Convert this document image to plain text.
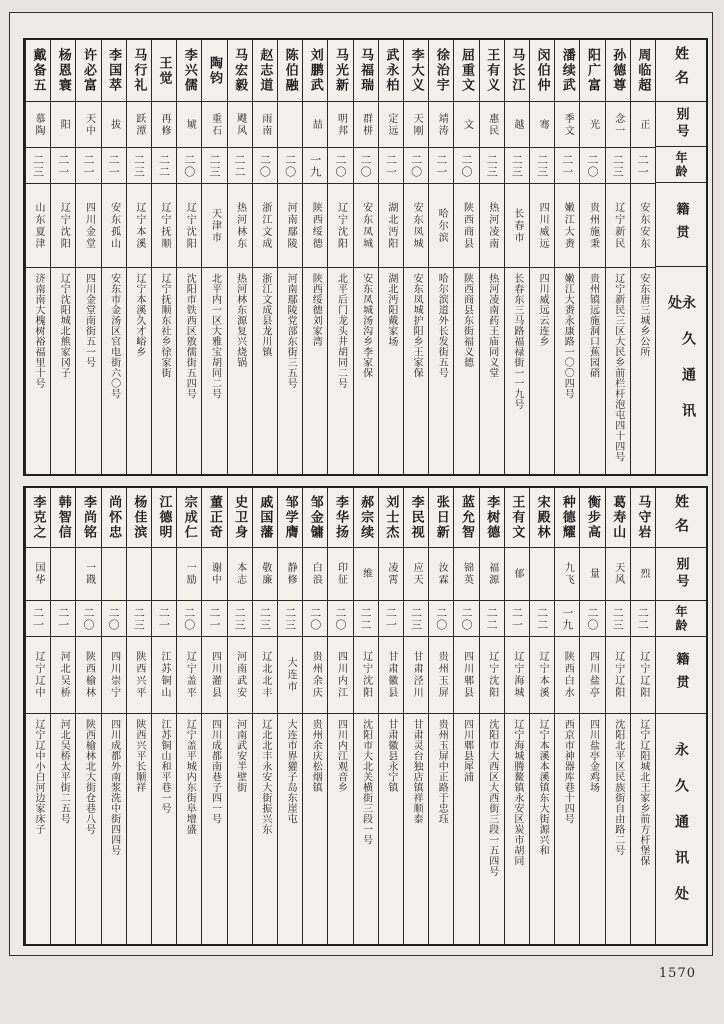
姓名
别号
年龄
籍贯
永久通讯处
周临超
正
二一
安东安东
安东唐三城乡公所
孙德尊
念一
二三
辽宁新民
辽宁新民三区大民乡前栏杆泡屯四十四号
阳广富
光
二〇
贵州施秉
贵州镇远施洞口蕉园硝
潘续武
季文
二一
嫩江大赉
嫩江大赉永康路一〇〇四号
闵伯仲
骞
二三
四川威远
四川威远云连乡
马长江
越
二三
长春市
长春东三马路福禄街一一九号
王有义
惠民
二三
热河凌南
热河凌南药王庙同义堂
屈重文
文
二〇
陕西商县
陕西商县东街福义德
徐治宇
靖涛
二一
哈尔滨
哈尔滨道外长发街五号
李大义
天刚
二〇
安东凤城
安东凤城护阳乡王家保
武永柏
定远
二一
湖北沔阳
湖北沔阳戴家场
马福瑞
群栟
二〇
安东凤城
安东凤城汤沟乡李家保
马光新
明邦
二〇
辽宁沈阳
北平后门龙头井胡同二号
刘鹏武
喆
一九
陕西绥德
陕西绥德刘家湾
陈伯融
二〇
河南鄢陵
河南鄢陵党部东街三五号
赵志道
雨南
二〇
浙江文成
浙江文成县龙川镇
马宏毅
飕风
二二
热河林东
热河林东源复兴烧锅
陶钧
重石
二三
天津市
北平内一区大雅宝胡同二号
李兴儒
虓
二〇
辽宁沈阳
沈阳市铁西区敫儒街五四号
王觉
再修
二二
辽宁抚顺
辽宁抚顺东社乡徐家街
马行礼
跃潭
二三
辽宁本溪
辽宁本溪久才峪乡
李国萃
拔
二一
安东孤山
安东市金汤区官电街六〇号
许必富
天中
二一
四川金堂
四川金堂南街五一号
杨恩寰
阳
二一
辽宁沈阳
辽宁沈阳城北熊家冈子
戴备五
慕陶
二三
山东夏津
济南南大槐树裕福里十号
姓名
别号
年龄
籍贯
永久通讯处
马守岩
烈
二二
辽宁辽阳
辽宁辽阳城北王家乡前方杆堡保
葛寿山
天风
二三
辽宁辽阳
沈阳北平区民族街自由路二号
衡步高
量
二〇
四川盐亭
四川盐亭金鸡场
种德耀
九飞
一九
陕西白水
西京市神器库巷十四号
宋殿林
二二
辽宁本溪
辽宁本溪本溪镇东大街源兴和
王有文
郁
二一
辽宁海城
辽宁海城腾鳌镇永安区炭市胡同
李树德
福源
二二
辽宁沈阳
沈阳市大西区大西街三段一五四号
蓝允智
锦英
二〇
四川郫县
四川郫县犀浦
张日新
汝霖
二〇
贵州玉屏
贵州玉屏中正路于忠珏
李民视
应天
二三
甘肃泾川
甘肃灵台独店镇祥顺泰
刘士杰
凌霄
二一
甘肃徽县
甘肃徽县永宁镇
郝宗续
维
二二
辽宁沈阳
沈阳市大北关横街三段一号
李华扬
印征
二〇
四川内江
四川内江观音乡
邹金镛
白浪
二〇
贵州余庆
贵州余庆松烟镇
邹学膺
静修
二三
大连市
大连市界獾子岛东崖屯
戚国藩
敬廉
二三
辽北北丰
辽北北丰永安大街振兴东
史卫身
本志
二三
河南武安
河南武安半壁街
董正奇
谢中
二一
四川灌县
四川成都南巷子四一号
宗成仁
一励
二〇
辽宁盖平
辽宁盖平城内东街阜增盛
江德明
二一
江苏铜山
江苏铜山和平巷一号
杨佳滨
二三
陕西兴平
陕西兴平长顺祥
尚怀忠
二〇
四川崇宁
四川成都外南浆洗中街四四号
李尚铭
一戡
二〇
陕西榆林
陕西榆林北大街仓巷八号
韩智信
二一
河北吴桥
河北吴桥太平街二五号
李克之
国华
二一
辽宁辽中
辽宁辽中小白河边家床子
1570
